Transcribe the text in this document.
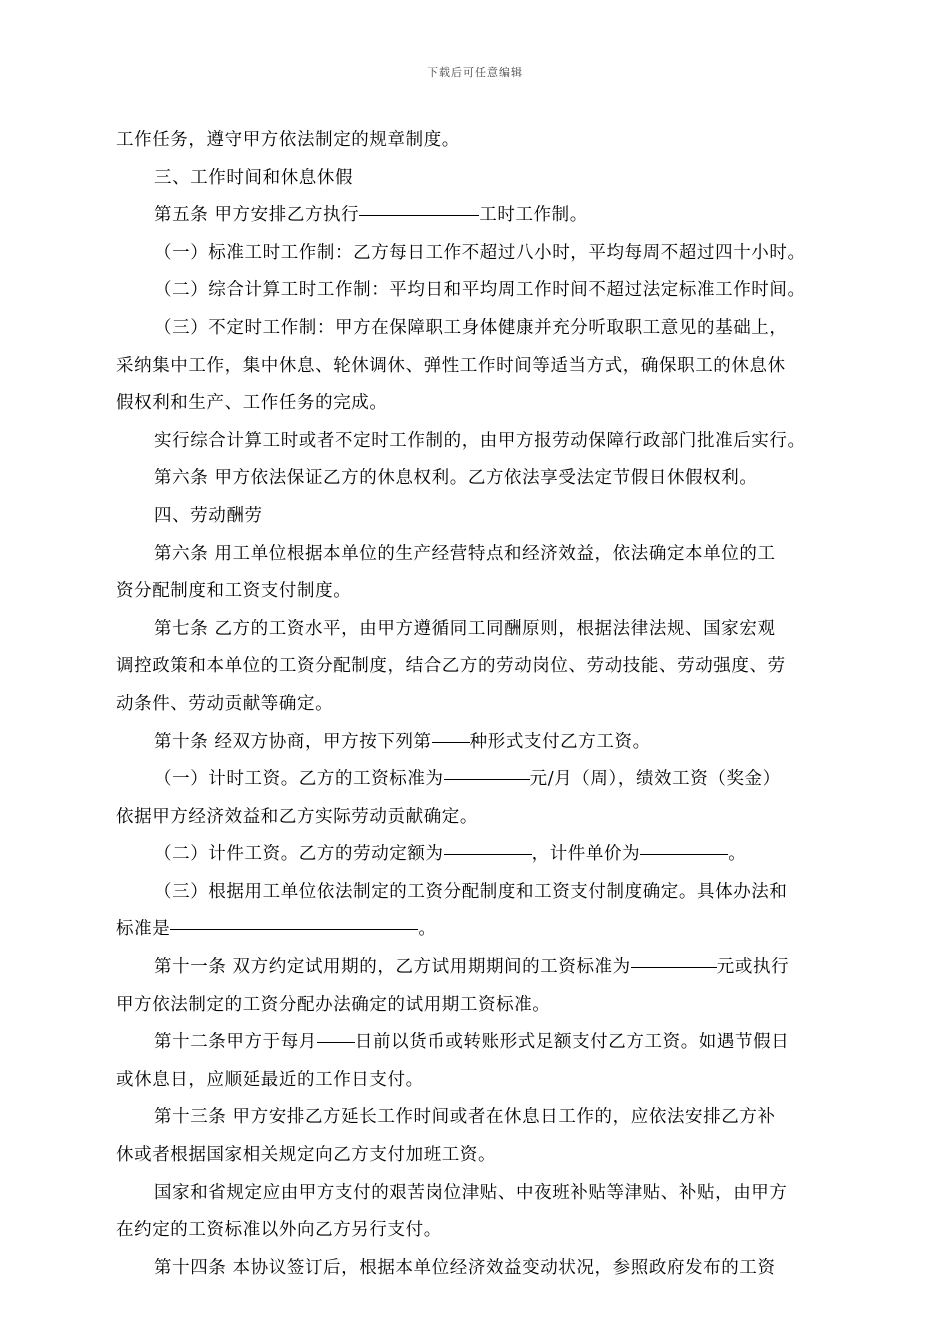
下载后可任意编辑
工作任务，遵守甲方依法制定的规章制度。
三、工作时间和休息休假
第五条 甲方安排乙方执行	工时工作制。
（一）标准工时工作制：乙方每日工作不超过八小时，平均每周不超过四十小时。
（二）综合计算工时工作制：平均日和平均周工作时间不超过法定标准工作时间。
（三）不定时工作制：甲方在保障职工身体健康并充分听取职工意见的基础上，
采纳集中工作，集中休息、轮休调休、弹性工作时间等适当方式，确保职工的休息休
假权利和生产、工作任务的完成。
实行综合计算工时或者不定时工作制的，由甲方报劳动保障行政部门批准后实行。
第六条 甲方依法保证乙方的休息权利。乙方依法享受法定节假日休假权利。
四、劳动酬劳
第六条 用工单位根据本单位的生产经营特点和经济效益，依法确定本单位的工
资分配制度和工资支付制度。
第七条 乙方的工资水平，由甲方遵循同工同酬原则，根据法律法规、国家宏观
调控政策和本单位的工资分配制度，结合乙方的劳动岗位、劳动技能、劳动强度、劳
动条件、劳动贡献等确定。
第十条 经双方协商，甲方按下列第 种形式支付乙方工资。
（一）计时工资。乙方的工资标准为	元/月（周），绩效工资（奖金）
依据甲方经济效益和乙方实际劳动贡献确定。
（二）计件工资。乙方的劳动定额为	，计件单价为	。
（三）根据用工单位依法制定的工资分配制度和工资支付制度确定。具体办法和
标准是	。
第十一条 双方约定试用期的，乙方试用期期间的工资标准为	元或执行
甲方依法制定的工资分配办法确定的试用期工资标准。
第十二条甲方于每月 日前以货币或转账形式足额支付乙方工资。如遇节假日
或休息日，应顺延最近的工作日支付。
第十三条 甲方安排乙方延长工作时间或者在休息日工作的，应依法安排乙方补
休或者根据国家相关规定向乙方支付加班工资。
国家和省规定应由甲方支付的艰苦岗位津贴、中夜班补贴等津贴、补贴，由甲方
在约定的工资标准以外向乙方另行支付。
第十四条 本协议签订后，根据本单位经济效益变动状况，参照政府发布的工资
